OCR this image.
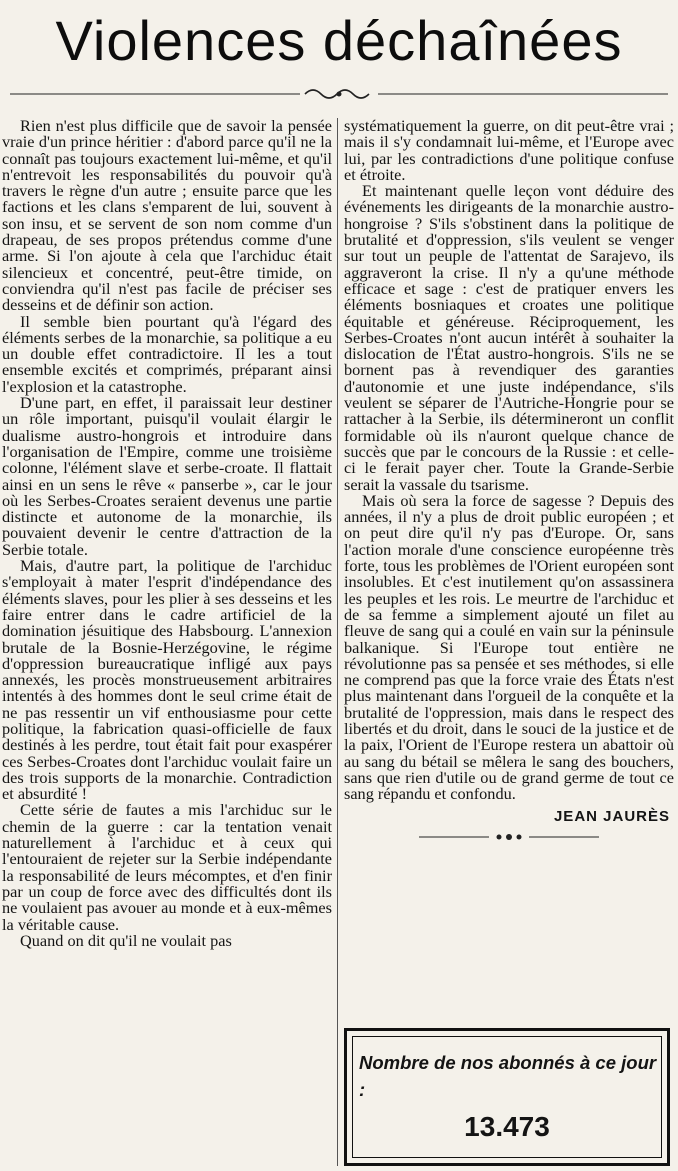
Violences déchaînées

Rien n'est plus difficile que de savoir la pensée vraie d'un prince héritier : d'abord parce qu'il ne la connaît pas toujours exactement lui-même, et qu'il n'entrevoit les responsabilités du pouvoir qu'à travers le règne d'un autre ; ensuite parce que les factions et les clans s'emparent de lui, souvent à son insu, et se servent de son nom comme d'un drapeau, de ses propos prétendus comme d'une arme. Si l'on ajoute à cela que l'archiduc était silencieux et concentré, peut-être timide, on conviendra qu'il n'est pas facile de préciser ses desseins et de définir son action.

Il semble bien pourtant qu'à l'égard des éléments serbes de la monarchie, sa politique a eu un double effet contradictoire. Il les a tout ensemble excités et comprimés, préparant ainsi l'explosion et la catastrophe.

D'une part, en effet, il paraissait leur destiner un rôle important, puisqu'il voulait élargir le dualisme austro-hongrois et introduire dans l'organisation de l'Empire, comme une troisième colonne, l'élément slave et serbe-croate. Il flattait ainsi en un sens le rêve « panserbe », car le jour où les Serbes-Croates seraient devenus une partie distincte et autonome de la monarchie, ils pouvaient devenir le centre d'attraction de la Serbie totale.

Mais, d'autre part, la politique de l'archiduc s'employait à mater l'esprit d'indépendance des éléments slaves, pour les plier à ses desseins et les faire entrer dans le cadre artificiel de la domination jésuitique des Habsbourg. L'annexion brutale de la Bosnie-Herzégovine, le régime d'oppression bureaucratique infligé aux pays annexés, les procès monstrueusement arbitraires intentés à des hommes dont le seul crime était de ne pas ressentir un vif enthousiasme pour cette politique, la fabrication quasi-officielle de faux destinés à les perdre, tout était fait pour exaspérer ces Serbes-Croates dont l'archiduc voulait faire un des trois supports de la monarchie. Contradiction et absurdité !

Cette série de fautes a mis l'archiduc sur le chemin de la guerre : car la tentation venait naturellement à l'archiduc et à ceux qui l'entouraient de rejeter sur la Serbie indépendante la responsabilité de leurs mécomptes, et d'en finir par un coup de force avec des difficultés dont ils ne voulaient pas avouer au monde et à eux-mêmes la véritable cause.

Quand on dit qu'il ne voulait pas

systématiquement la guerre, on dit peut-être vrai ; mais il s'y condamnait lui-même, et l'Europe avec lui, par les contradictions d'une politique confuse et étroite.

Et maintenant quelle leçon vont déduire des événements les dirigeants de la monarchie austro-hongroise ? S'ils s'obstinent dans la politique de brutalité et d'oppression, s'ils veulent se venger sur tout un peuple de l'attentat de Sarajevo, ils aggraveront la crise. Il n'y a qu'une méthode efficace et sage : c'est de pratiquer envers les éléments bosniaques et croates une politique équitable et généreuse. Réciproquement, les Serbes-Croates n'ont aucun intérêt à souhaiter la dislocation de l'État austro-hongrois. S'ils ne se bornent pas à revendiquer des garanties d'autonomie et une juste indépendance, s'ils veulent se séparer de l'Autriche-Hongrie pour se rattacher à la Serbie, ils détermineront un conflit formidable où ils n'auront quelque chance de succès que par le concours de la Russie : et celle-ci le ferait payer cher. Toute la Grande-Serbie serait la vassale du tsarisme.

Mais où sera la force de sagesse ? Depuis des années, il n'y a plus de droit public européen ; et on peut dire qu'il n'y pas d'Europe. Or, sans l'action morale d'une conscience européenne très forte, tous les problèmes de l'Orient européen sont insolubles. Et c'est inutilement qu'on assassinera les peuples et les rois. Le meurtre de l'archiduc et de sa femme a simplement ajouté un filet au fleuve de sang qui a coulé en vain sur la péninsule balkanique. Si l'Europe tout entière ne révolutionne pas sa pensée et ses méthodes, si elle ne comprend pas que la force vraie des États n'est plus maintenant dans l'orgueil de la conquête et la brutalité de l'oppression, mais dans le respect des libertés et du droit, dans le souci de la justice et de la paix, l'Orient de l'Europe restera un abattoir où au sang du bétail se mêlera le sang des bouchers, sans que rien d'utile ou de grand germe de tout ce sang répandu et confondu.

JEAN JAURÈS
Nombre de nos abonnés à ce jour :
13.473
